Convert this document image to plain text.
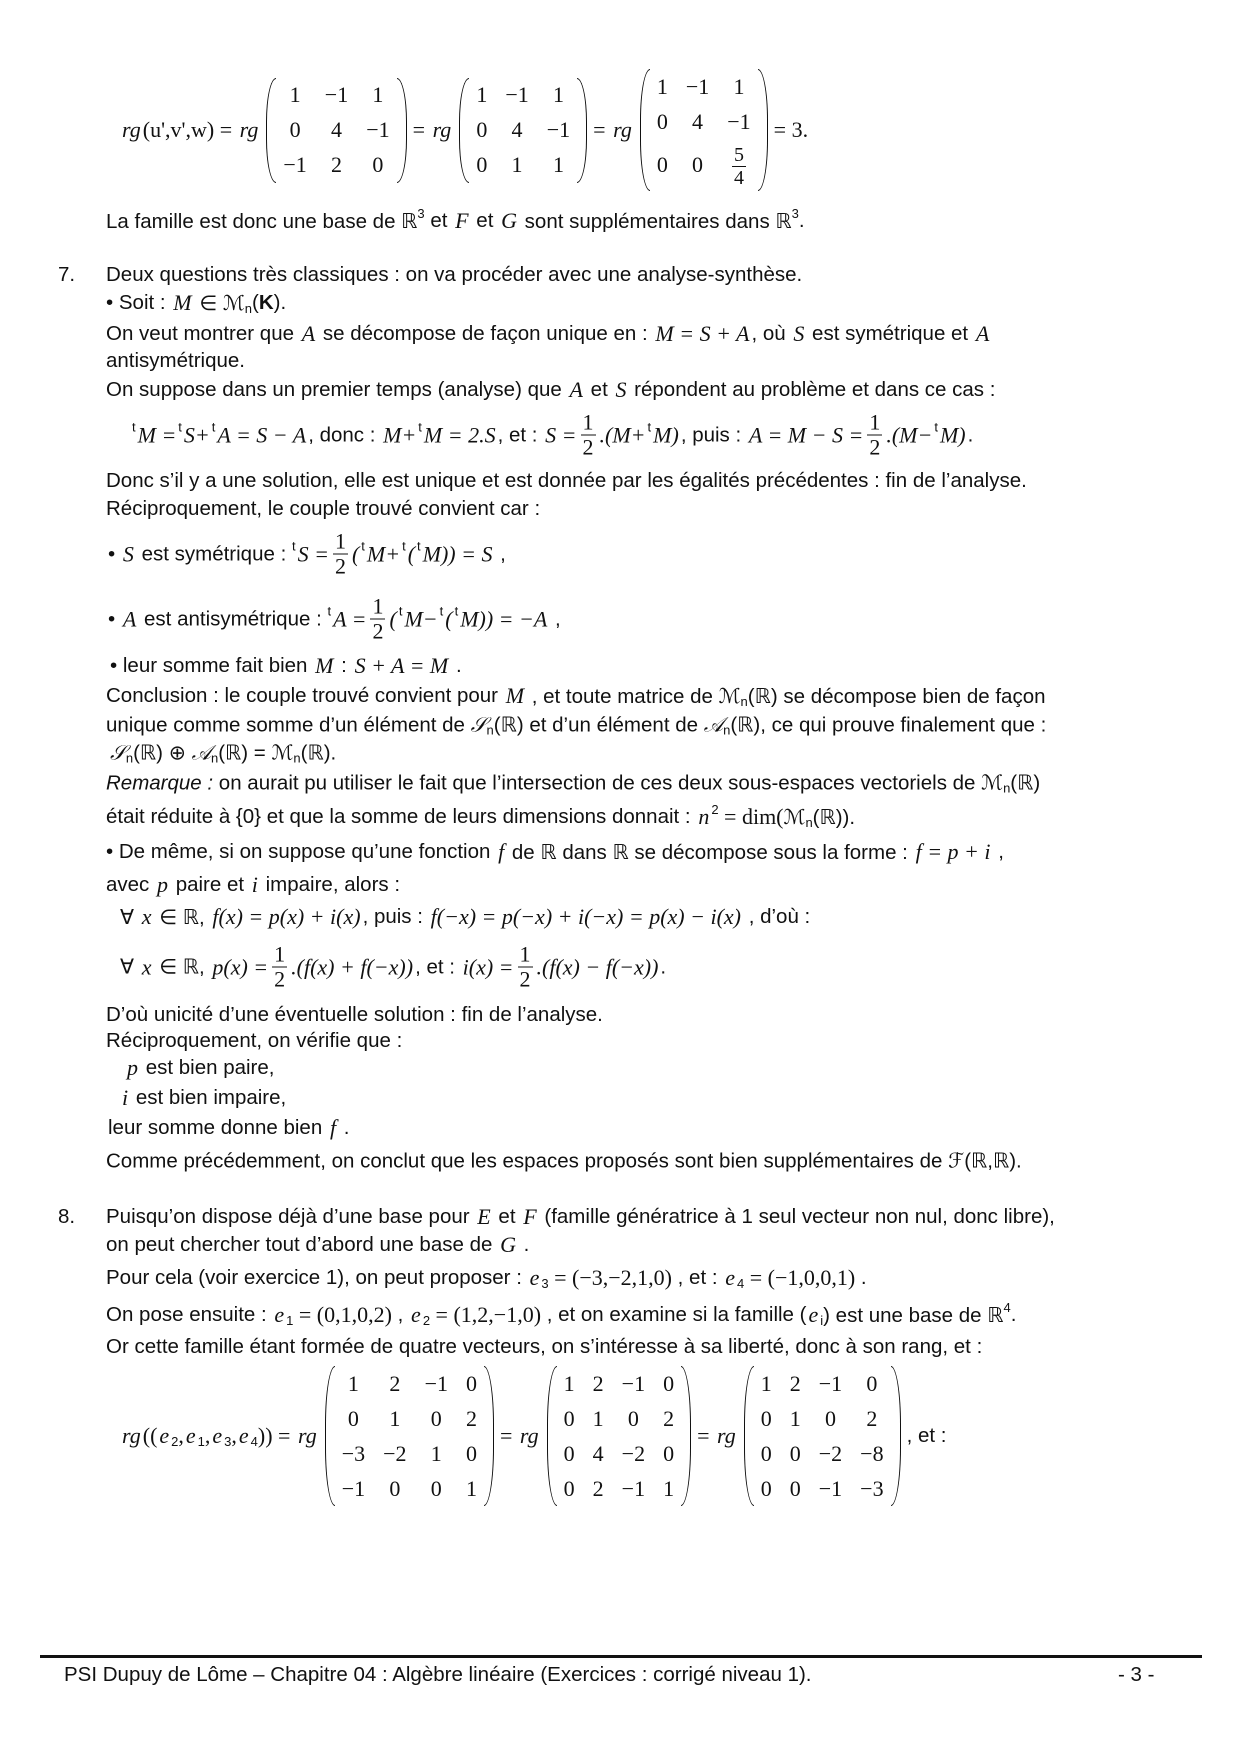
rg (u',v',w) = rg
1	−1	1
0	4	−1
−1	2	0
= rg
1	−1	1
0	4	−1
0	1	1
= rg
1	−1	1
0	4	−1
0	0	$\frac{5}{4}$
= 3.
La famille est donc une base de ℝ 3 et F et G sont supplémentaires dans ℝ 3 .
7. Deux questions très classiques : on va procéder avec une analyse-synthèse.
• Soit : M ∈ ℳ n ( K ).
On veut montrer que A se décompose de façon unique en : M = S + A , où S est symétrique et A
antisymétrique.
On suppose dans un premier temps (analyse) que A et S répondent au problème et dans ce cas :
t M = t S+ t A = S − A , donc : M+ t M = 2.S , et : $S = \frac{1}{2} .(M+ t$ M) , puis : $A = M - S = \frac{1}{2} .(M- t$ M) .
Donc s’il y a une solution, elle est unique et est donnée par les égalités précédentes : fin de l’analyse.
Réciproquement, le couple trouvé convient car :
• S est symétrique : t $S = \frac{1}{2}$ ( t M+ t ( t M)) = S ,
• A est antisymétrique : t $A = \frac{1}{2}$ ( t M− t ( t M)) = −A ,
• leur somme fait bien M : S + A = M .
Conclusion : le couple trouvé convient pour M , et toute matrice de ℳ n (ℝ) se décompose bien de façon
unique comme somme d’un élément de 𝒮 n (ℝ) et d’un élément de 𝒜 n (ℝ), ce qui prouve finalement que :
𝒮 n (ℝ) ⊕ 𝒜 n (ℝ) = ℳ n (ℝ).
Remarque : on aurait pu utiliser le fait que l’intersection de ces deux sous-espaces vectoriels de ℳ n (ℝ)
était réduite à {0} et que la somme de leurs dimensions donnait : n 2 = dim( ℳ n (ℝ)).
• De même, si on suppose qu’une fonction f de ℝ dans ℝ se décompose sous la forme : f = p + i ,
avec p paire et i impaire, alors :
∀ x ∈ ℝ, f(x) = p(x) + i(x) , puis : f(−x) = p(−x) + i(−x) = p(x) − i(x) , d’où :
∀ x ∈ ℝ, $p(x) = \frac{1}{2} .(f(x) + f(-x))$ , et : $i(x) = \frac{1}{2} .(f(x) - f(-x))$ .
D’où unicité d’une éventuelle solution : fin de l’analyse.
Réciproquement, on vérifie que :
p est bien paire,
i est bien impaire,
leur somme donne bien f .
Comme précédemment, on conclut que les espaces proposés sont bien supplémentaires de ℱ(ℝ,ℝ).
8. Puisqu’on dispose déjà d’une base pour E et F (famille génératrice à 1 seul vecteur non nul, donc libre),
on peut chercher tout d’abord une base de G .
Pour cela (voir exercice 1), on peut proposer : e 3 = (−3,−2,1,0) , et : e 4 = (−1,0,0,1) .
On pose ensuite : e 1 = (0,1,0,2) , e 2 = (1,2,−1,0) , et on examine si la famille ( e i ) est une base de ℝ 4 .
Or cette famille étant formée de quatre vecteurs, on s’intéresse à sa liberté, donc à son rang, et :
rg (( e 2 , e 1 , e 3 , e 4 )) = rg
1	2	−1	0
0	1	0	2
−3	−2	1	0
−1	0	0	1
= rg
1	2	−1	0
0	1	0	2
0	4	−2	0
0	2	−1	1
= rg
1	2	−1	0
0	1	0	2
0	0	−2	−8
0	0	−1	−3
, et :
PSI Dupuy de Lôme – Chapitre 04 : Algèbre linéaire (Exercices : corrigé niveau 1).	- 3 -
